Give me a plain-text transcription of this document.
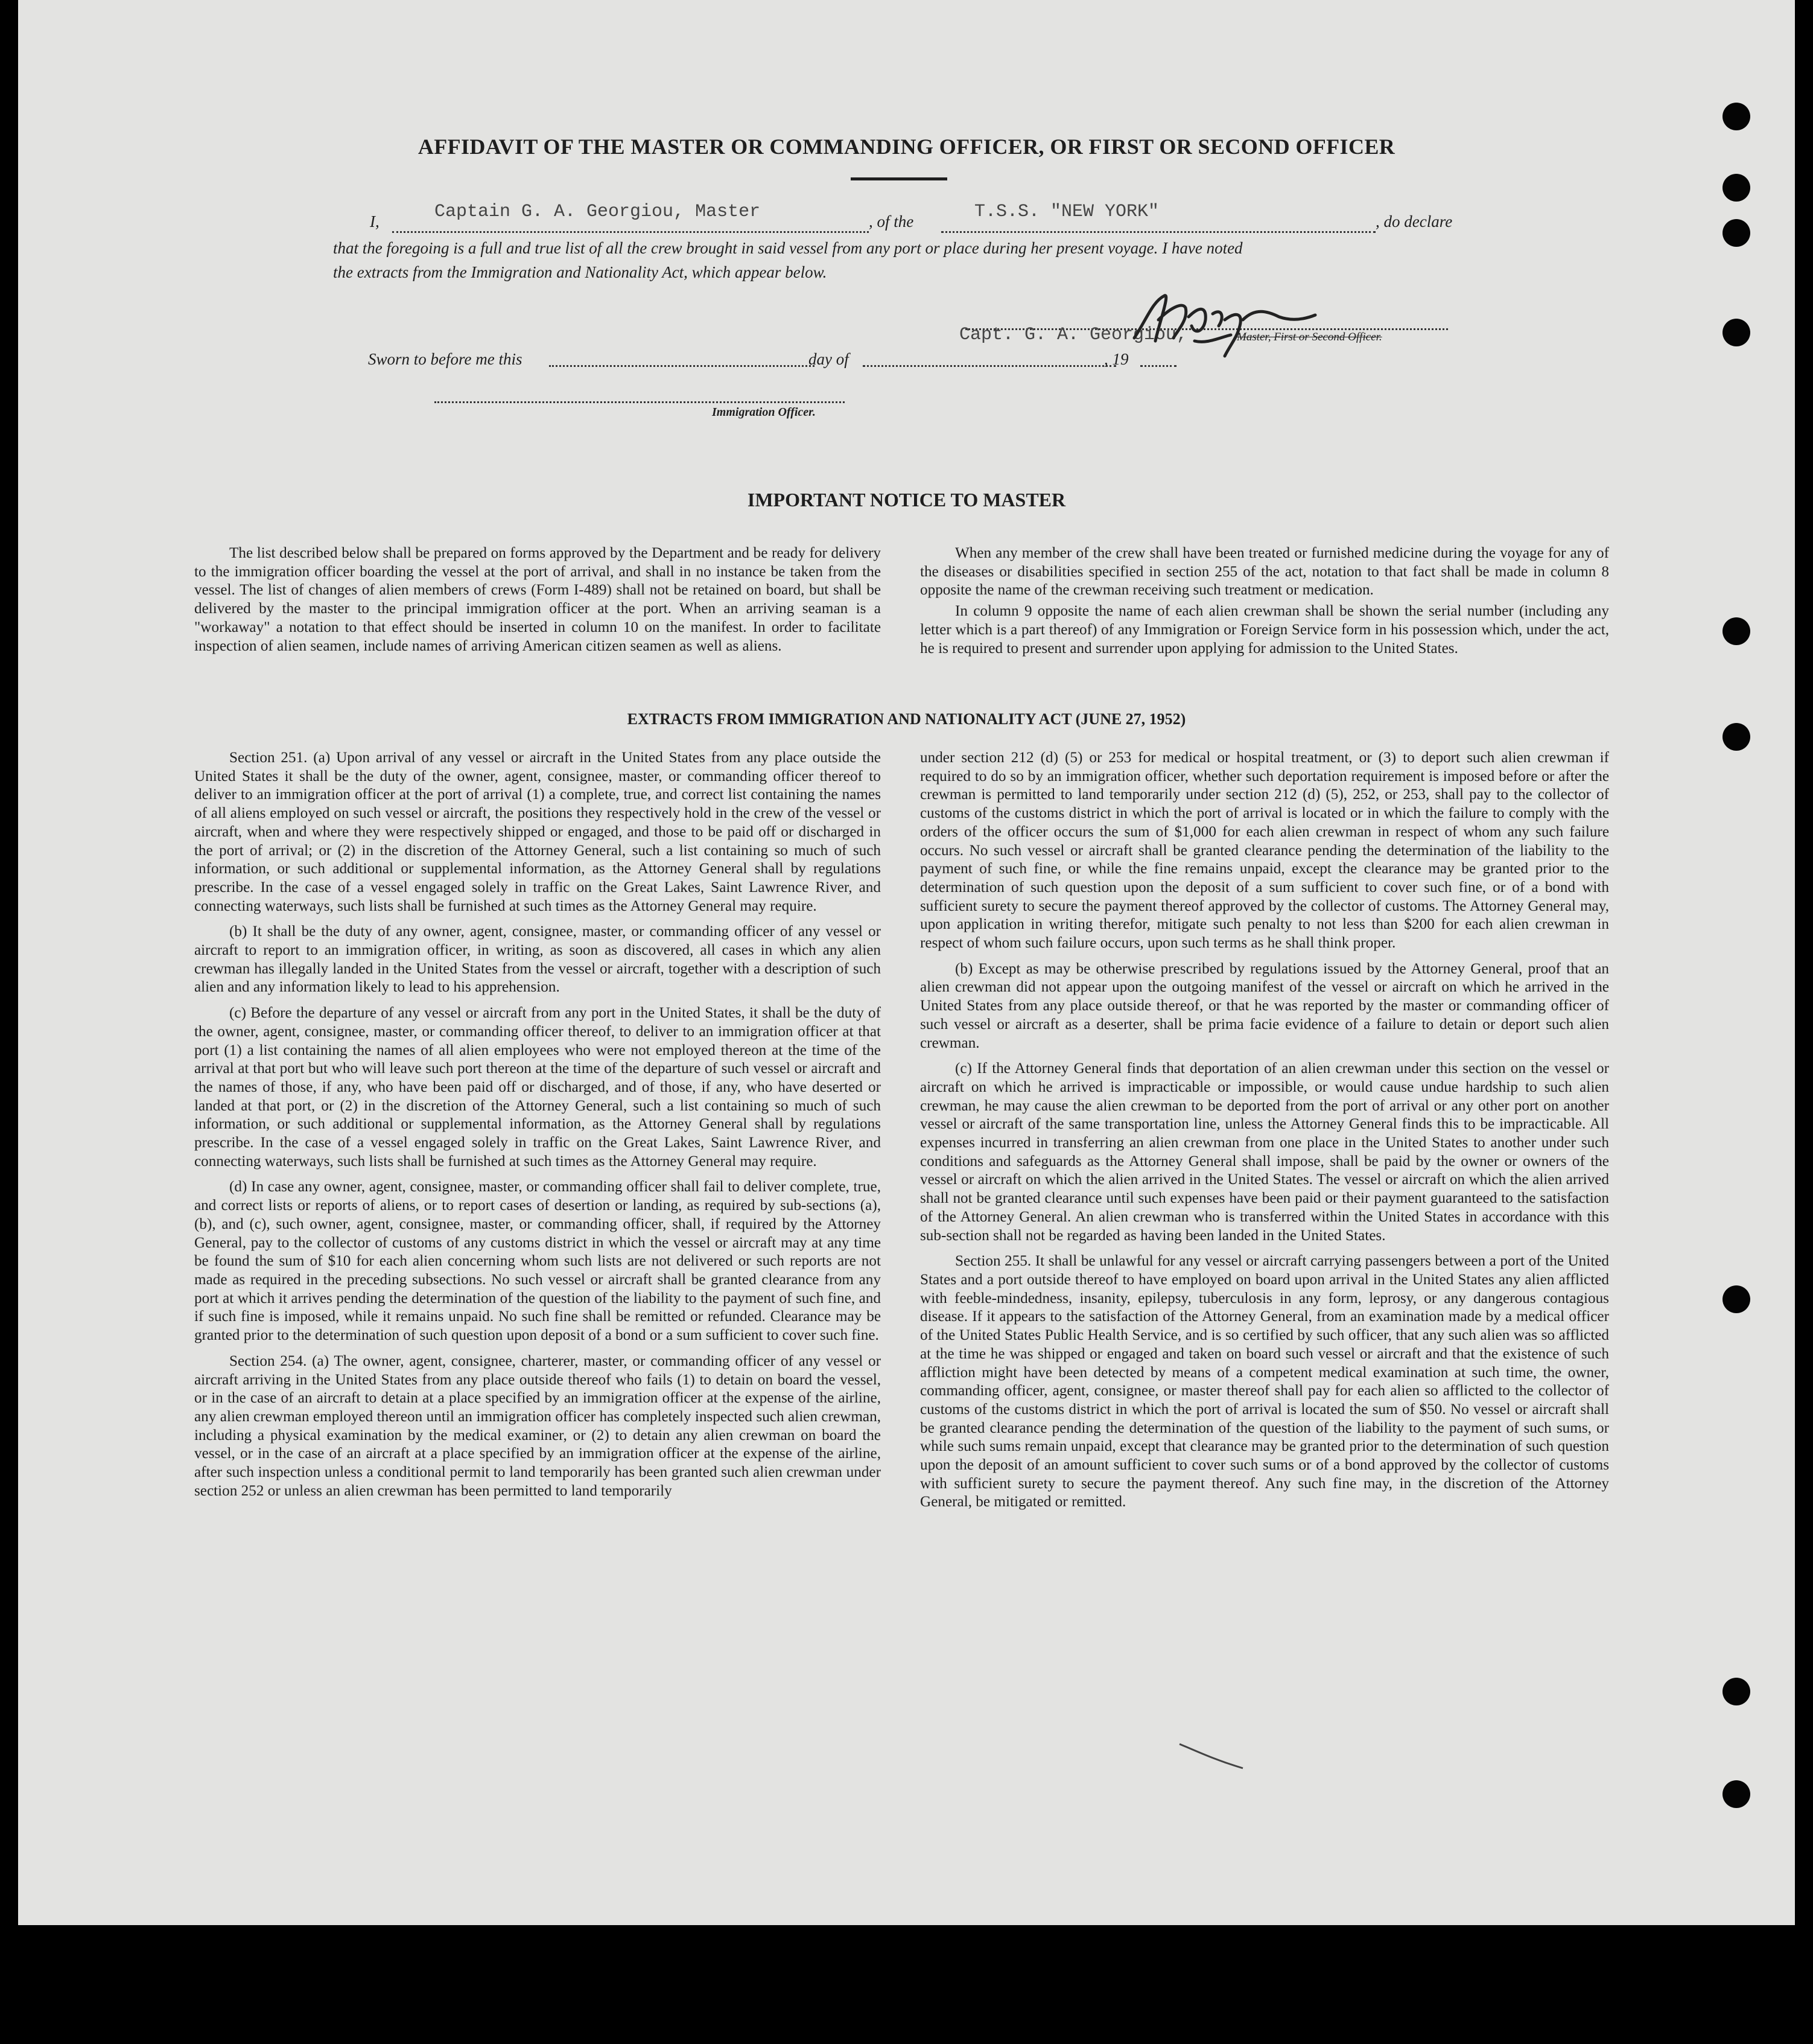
AFFIDAVIT OF THE MASTER OR COMMANDING OFFICER, OR FIRST OR SECOND OFFICER
I,	Captain G. A. Georgiou, Master	, of the	T.S.S. "NEW YORK"	, do declare
that the foregoing is a full and true list of all the crew brought in said vessel from any port or place during her present voyage. I have noted
the extracts from the Immigration and Nationality Act, which appear below.
Capt. G. A. Georgiou,	Master, First or Second Officer.
Sworn to before me this	day of	, 19
Immigration Officer.
IMPORTANT NOTICE TO MASTER

The list described below shall be prepared on forms approved by the Department and be ready for delivery to the immigration officer boarding the vessel at the port of arrival, and shall in no instance be taken from the vessel. The list of changes of alien members of crews (Form I-489) shall not be retained on board, but shall be delivered by the master to the principal immigration officer at the port. When an arriving seaman is a "workaway" a notation to that effect should be inserted in column 10 on the manifest. In order to facilitate inspection of alien seamen, include names of arriving American citizen seamen as well as aliens.

When any member of the crew shall have been treated or furnished medicine during the voyage for any of the diseases or disabilities specified in section 255 of the act, notation to that fact shall be made in column 8 opposite the name of the crewman receiving such treatment or medication.

In column 9 opposite the name of each alien crewman shall be shown the serial number (including any letter which is a part thereof) of any Immigration or Foreign Service form in his possession which, under the act, he is required to present and surrender upon applying for admission to the United States.

EXTRACTS FROM IMMIGRATION AND NATIONALITY ACT (JUNE 27, 1952)

Section 251. (a) Upon arrival of any vessel or aircraft in the United States from any place outside the United States it shall be the duty of the owner, agent, consignee, master, or commanding officer thereof to deliver to an immigration officer at the port of arrival (1) a complete, true, and correct list containing the names of all aliens employed on such vessel or aircraft, the positions they respectively hold in the crew of the vessel or aircraft, when and where they were respectively shipped or engaged, and those to be paid off or discharged in the port of arrival; or (2) in the discretion of the Attorney General, such a list containing so much of such information, or such additional or supplemental information, as the Attorney General shall by regulations prescribe. In the case of a vessel engaged solely in traffic on the Great Lakes, Saint Lawrence River, and connecting waterways, such lists shall be furnished at such times as the Attorney General may require.

(b) It shall be the duty of any owner, agent, consignee, master, or commanding officer of any vessel or aircraft to report to an immigration officer, in writing, as soon as discovered, all cases in which any alien crewman has illegally landed in the United States from the vessel or aircraft, together with a description of such alien and any information likely to lead to his apprehension.

(c) Before the departure of any vessel or aircraft from any port in the United States, it shall be the duty of the owner, agent, consignee, master, or commanding officer thereof, to deliver to an immigration officer at that port (1) a list containing the names of all alien employees who were not employed thereon at the time of the arrival at that port but who will leave such port thereon at the time of the departure of such vessel or aircraft and the names of those, if any, who have been paid off or discharged, and of those, if any, who have deserted or landed at that port, or (2) in the discretion of the Attorney General, such a list containing so much of such information, or such additional or supplemental information, as the Attorney General shall by regulations prescribe. In the case of a vessel engaged solely in traffic on the Great Lakes, Saint Lawrence River, and connecting waterways, such lists shall be furnished at such times as the Attorney General may require.

(d) In case any owner, agent, consignee, master, or commanding officer shall fail to deliver complete, true, and correct lists or reports of aliens, or to report cases of desertion or landing, as required by sub-sections (a), (b), and (c), such owner, agent, consignee, master, or commanding officer, shall, if required by the Attorney General, pay to the collector of customs of any customs district in which the vessel or aircraft may at any time be found the sum of $10 for each alien concerning whom such lists are not delivered or such reports are not made as required in the preceding subsections. No such vessel or aircraft shall be granted clearance from any port at which it arrives pending the determination of the question of the liability to the payment of such fine, and if such fine is imposed, while it remains unpaid. No such fine shall be remitted or refunded. Clearance may be granted prior to the determination of such question upon deposit of a bond or a sum sufficient to cover such fine.

Section 254. (a) The owner, agent, consignee, charterer, master, or commanding officer of any vessel or aircraft arriving in the United States from any place outside thereof who fails (1) to detain on board the vessel, or in the case of an aircraft to detain at a place specified by an immigration officer at the expense of the airline, any alien crewman employed thereon until an immigration officer has completely inspected such alien crewman, including a physical examination by the medical examiner, or (2) to detain any alien crewman on board the vessel, or in the case of an aircraft at a place specified by an immigration officer at the expense of the airline, after such inspection unless a conditional permit to land temporarily has been granted such alien crewman under section 252 or unless an alien crewman has been permitted to land temporarily

under section 212 (d) (5) or 253 for medical or hospital treatment, or (3) to deport such alien crewman if required to do so by an immigration officer, whether such deportation requirement is imposed before or after the crewman is permitted to land temporarily under section 212 (d) (5), 252, or 253, shall pay to the collector of customs of the customs district in which the port of arrival is located or in which the failure to comply with the orders of the officer occurs the sum of $1,000 for each alien crewman in respect of whom any such failure occurs. No such vessel or aircraft shall be granted clearance pending the determination of the liability to the payment of such fine, or while the fine remains unpaid, except the clearance may be granted prior to the determination of such question upon the deposit of a sum sufficient to cover such fine, or of a bond with sufficient surety to secure the payment thereof approved by the collector of customs. The Attorney General may, upon application in writing therefor, mitigate such penalty to not less than $200 for each alien crewman in respect of whom such failure occurs, upon such terms as he shall think proper.

(b) Except as may be otherwise prescribed by regulations issued by the Attorney General, proof that an alien crewman did not appear upon the outgoing manifest of the vessel or aircraft on which he arrived in the United States from any place outside thereof, or that he was reported by the master or commanding officer of such vessel or aircraft as a deserter, shall be prima facie evidence of a failure to detain or deport such alien crewman.

(c) If the Attorney General finds that deportation of an alien crewman under this section on the vessel or aircraft on which he arrived is impracticable or impossible, or would cause undue hardship to such alien crewman, he may cause the alien crewman to be deported from the port of arrival or any other port on another vessel or aircraft of the same transportation line, unless the Attorney General finds this to be impracticable. All expenses incurred in transferring an alien crewman from one place in the United States to another under such conditions and safeguards as the Attorney General shall impose, shall be paid by the owner or owners of the vessel or aircraft on which the alien arrived in the United States. The vessel or aircraft on which the alien arrived shall not be granted clearance until such expenses have been paid or their payment guaranteed to the satisfaction of the Attorney General. An alien crewman who is transferred within the United States in accordance with this sub-section shall not be regarded as having been landed in the United States.

Section 255. It shall be unlawful for any vessel or aircraft carrying passengers between a port of the United States and a port outside thereof to have employed on board upon arrival in the United States any alien afflicted with feeble-mindedness, insanity, epilepsy, tuberculosis in any form, leprosy, or any dangerous contagious disease. If it appears to the satisfaction of the Attorney General, from an examination made by a medical officer of the United States Public Health Service, and is so certified by such officer, that any such alien was so afflicted at the time he was shipped or engaged and taken on board such vessel or aircraft and that the existence of such affliction might have been detected by means of a competent medical examination at such time, the owner, commanding officer, agent, consignee, or master thereof shall pay for each alien so afflicted to the collector of customs of the customs district in which the port of arrival is located the sum of $50. No vessel or aircraft shall be granted clearance pending the determination of the question of the liability to the payment of such sums, or while such sums remain unpaid, except that clearance may be granted prior to the determination of such question upon the deposit of an amount sufficient to cover such sums or of a bond approved by the collector of customs with sufficient surety to secure the payment thereof. Any such fine may, in the discretion of the Attorney General, be mitigated or remitted.
